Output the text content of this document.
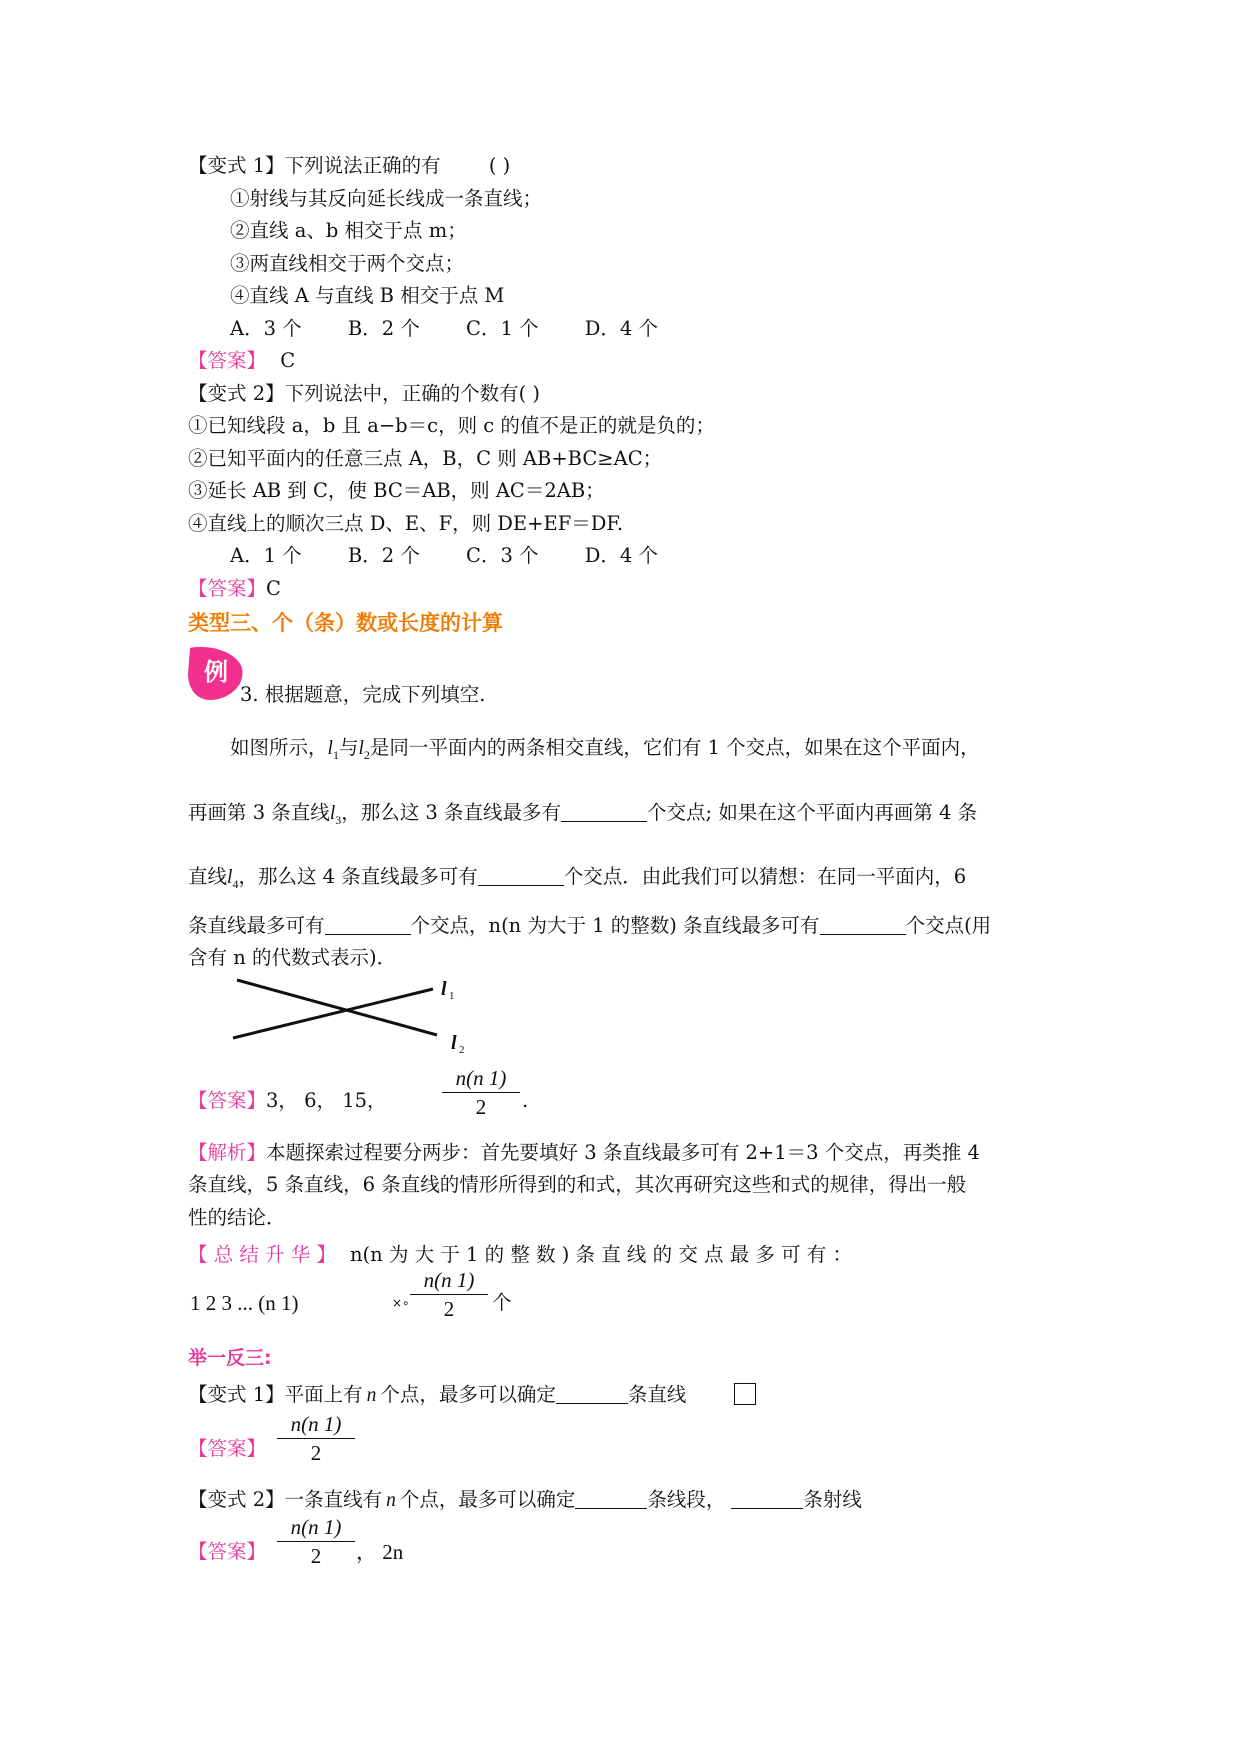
【变式 1】下列说法正确的有 ( )
①射线与其反向延长线成一条直线；
②直线 a、b 相交于点 m；
③两直线相交于两个交点；
④直线 A 与直线 B 相交于点 M
A．3 个 B．2 个 C．1 个 D．4 个
【答案】 C
【变式 2】下列说法中，正确的个数有( )
①已知线段 a，b 且 a−b＝c，则 c 的值不是正的就是负的；
②已知平面内的任意三点 A，B，C 则 AB+BC≥AC；
③延长 AB 到 C，使 BC＝AB，则 AC＝2AB；
④直线上的顺次三点 D、E、F，则 DE+EF＝DF.
A．1 个 B．2 个 C．3 个 D．4 个
【答案】C
类型三、个（条）数或长度的计算
例
3. 根据题意，完成下列填空.
如图所示，$l_1$与$l_2$是同一平面内的两条相交直线，它们有 1 个交点，如果在这个平面内，
再画第 3 条直线$l_3$，那么这 3 条直线最多有	个交点; 如果在这个平面内再画第 4 条
直线$l_4$，那么这 4 条直线最多可有	个交点．由此我们可以猜想：在同一平面内，6
条直线最多可有	个交点，n(n 为大于 1 的整数) 条直线最多可有	个交点(用
含有 n 的代数式表示)．
l 1
l 2
【答案】3， 6， 15，
n(n 1)
2	.
【解析】本题探索过程要分两步：首先要填好 3 条直线最多可有 2+1＝3 个交点，再类推 4
条直线，5 条直线，6 条直线的情形所得到的和式，其次再研究这些和式的规律，得出一般
性的结论．
【 总 结 升 华 】 n(n 为 大 于 1 的 整 数 ) 条 直 线 的 交 点 最 多 可 有 ：
1 2 3 ... (n 1)	×∘
n(n 1)
2	个
举一反三:
【变式 1】平面上有 n 个点，最多可以确定	条直线
【答案】
n(n 1)
2
【变式 2】一条直线有 n 个点，最多可以确定	条线段，	条射线
【答案】
n(n 1)
2	， 2n
